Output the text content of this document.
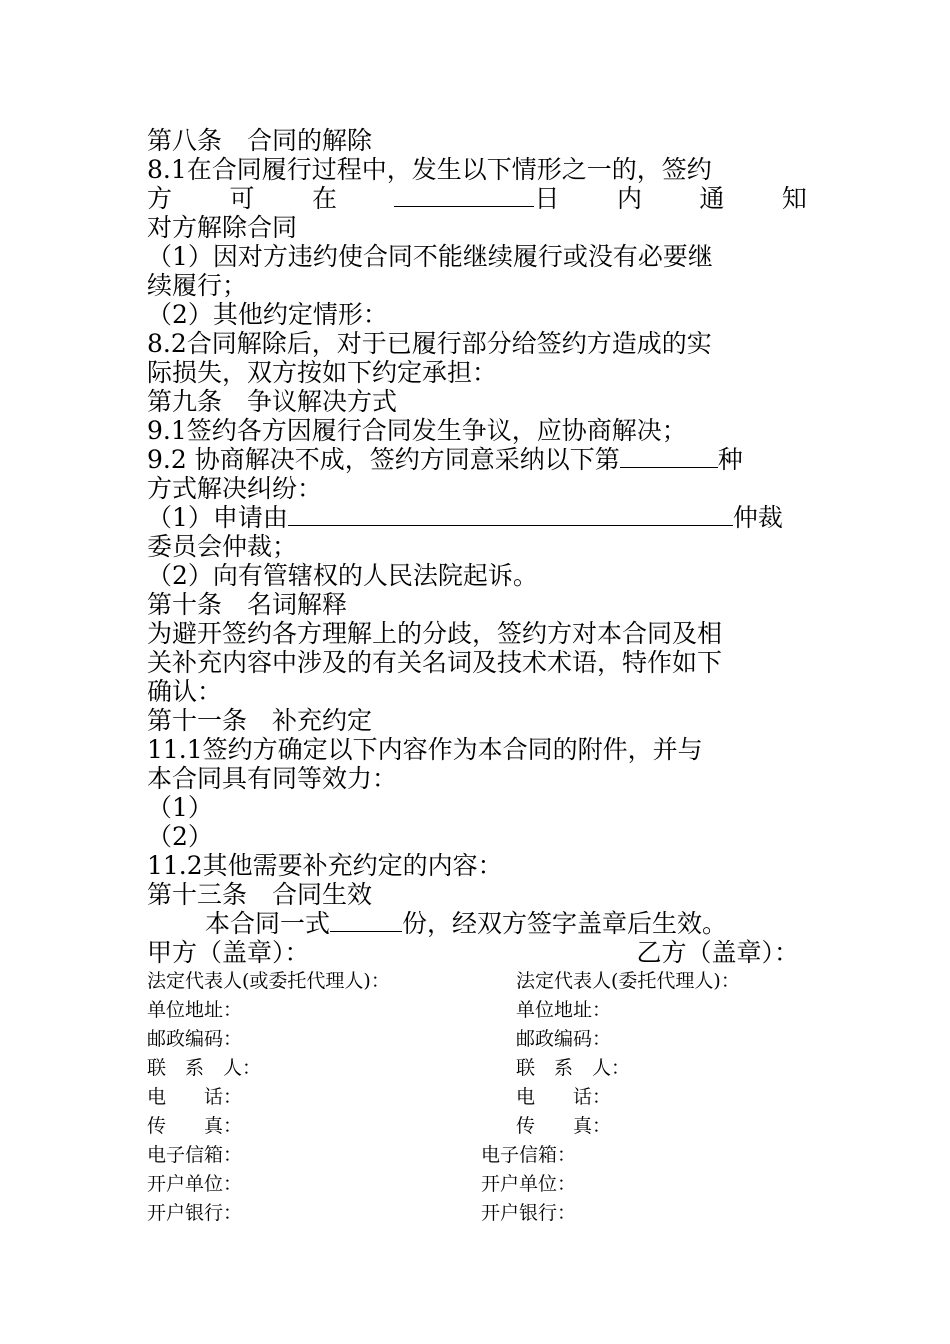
第八条　合同的解除
8.1在合同履行过程中，发生以下情形之一的，签约
方 可 在	日 内 通 知
对方解除合同
（1）因对方违约使合同不能继续履行或没有必要继
续履行；
（2）其他约定情形：
8.2合同解除后，对于已履行部分给签约方造成的实
际损失，双方按如下约定承担：
第九条　争议解决方式
9.1签约各方因履行合同发生争议，应协商解决；
9.2 协商解决不成，签约方同意采纳以下第	种
方式解决纠纷：
（1）申请由	仲裁
委员会仲裁；
（2）向有管辖权的人民法院起诉。
第十条　名词解释
为避开签约各方理解上的分歧，签约方对本合同及相
关补充内容中涉及的有关名词及技术术语，特作如下
确认：
第十一条　补充约定
11.1签约方确定以下内容作为本合同的附件，并与
本合同具有同等效力：
（1）
（2）
11.2其他需要补充约定的内容：
第十三条　合同生效
本合同一式	份，经双方签字盖章后生效。
甲方（盖章）：	乙方（盖章）：
法定代表人(或委托代理人)：	法定代表人(委托代理人)：
单位地址：	单位地址：
邮政编码：	邮政编码：
联　系　人：	联　系　人：
电　　话：	电　　话：
传　　真：	传　　真：
电子信箱：	电子信箱：
开户单位：	开户单位：
开户银行：	开户银行：
